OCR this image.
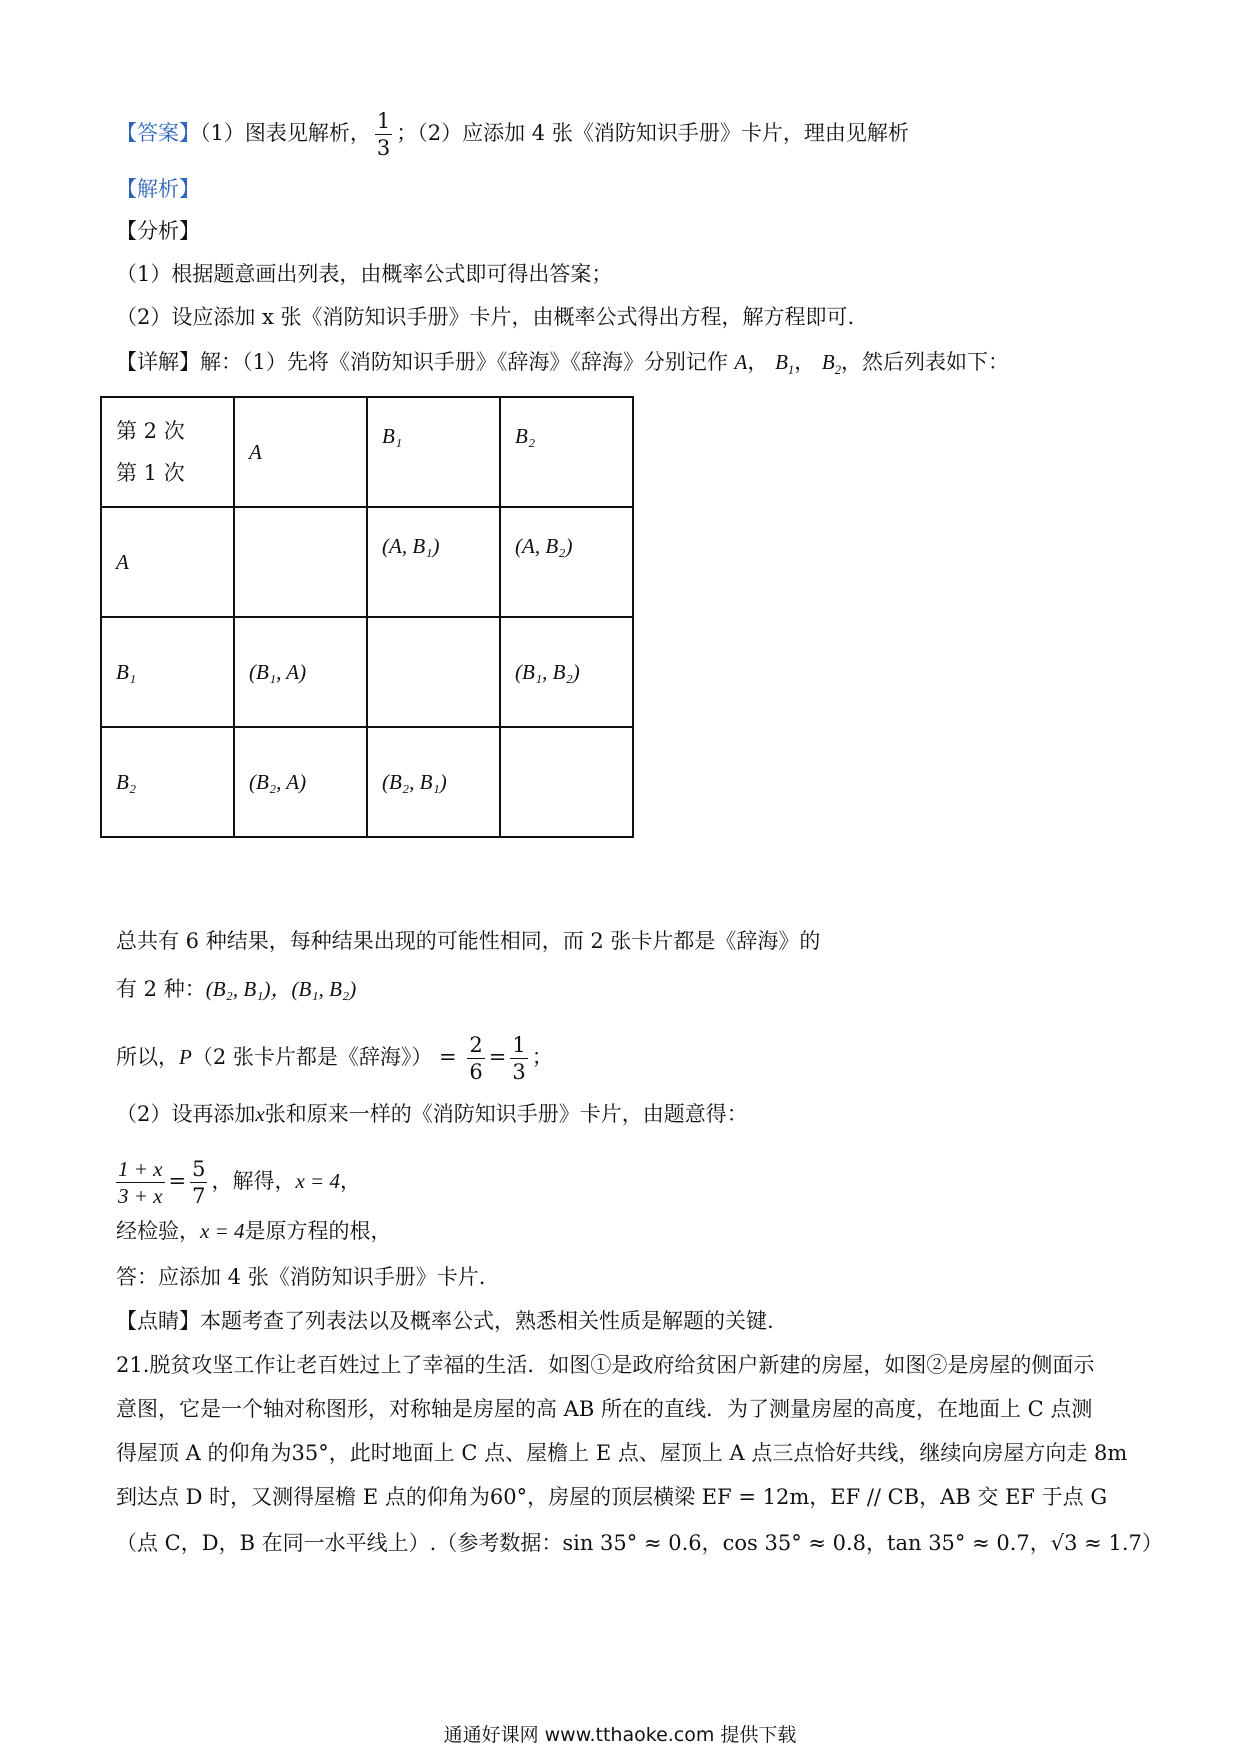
【答案】（1）图表见解析， $\frac{1}{3}$ ；（2）应添加 4 张《消防知识手册》卡片，理由见解析
【解析】
【分析】
（1）根据题意画出列表，由概率公式即可得出答案；
（2）设应添加 x 张《消防知识手册》卡片，由概率公式得出方程，解方程即可.
【详解】解：（1）先将《消防知识手册》《辞海》《辞海》分别记作 A， $B_1$， $B_2$，然后列表如下：
第 2 次
第 1 次	A	B₁	B₂
A		(A, B₁)	(A, B₂)
B₁	(B₁, A)		(B₁, B₂)
B₂	(B₂, A)	(B₂, B₁)	
总共有 6 种结果，每种结果出现的可能性相同，而 2 张卡片都是《辞海》的
有 2 种：(B₂, B₁)，(B₁, B₂)
所以，P（2 张卡片都是《辞海》） = $\frac{2}{6} = \frac{1}{3}$ ；
（2）设再添加x张和原来一样的《消防知识手册》卡片，由题意得：
$\frac{1 + x}{3 + x} = \frac{5}{7}$ ，解得，x = 4，
经检验，x = 4是原方程的根，
答：应添加 4 张《消防知识手册》卡片.
【点睛】本题考查了列表法以及概率公式，熟悉相关性质是解题的关键.
21.脱贫攻坚工作让老百姓过上了幸福的生活．如图①是政府给贫困户新建的房屋，如图②是房屋的侧面示
意图，它是一个轴对称图形，对称轴是房屋的高 AB 所在的直线．为了测量房屋的高度，在地面上 C 点测
得屋顶 A 的仰角为35°，此时地面上 C 点、屋檐上 E 点、屋顶上 A 点三点恰好共线，继续向房屋方向走 8m
到达点 D 时，又测得屋檐 E 点的仰角为60°，房屋的顶层横梁 EF = 12m，EF // CB，AB 交 EF 于点 G
（点 C，D，B 在同一水平线上）.（参考数据：sin 35° ≈ 0.6，cos 35° ≈ 0.8，tan 35° ≈ 0.7，√3 ≈ 1.7）
通通好课网 www.tthaoke.com 提供下载
